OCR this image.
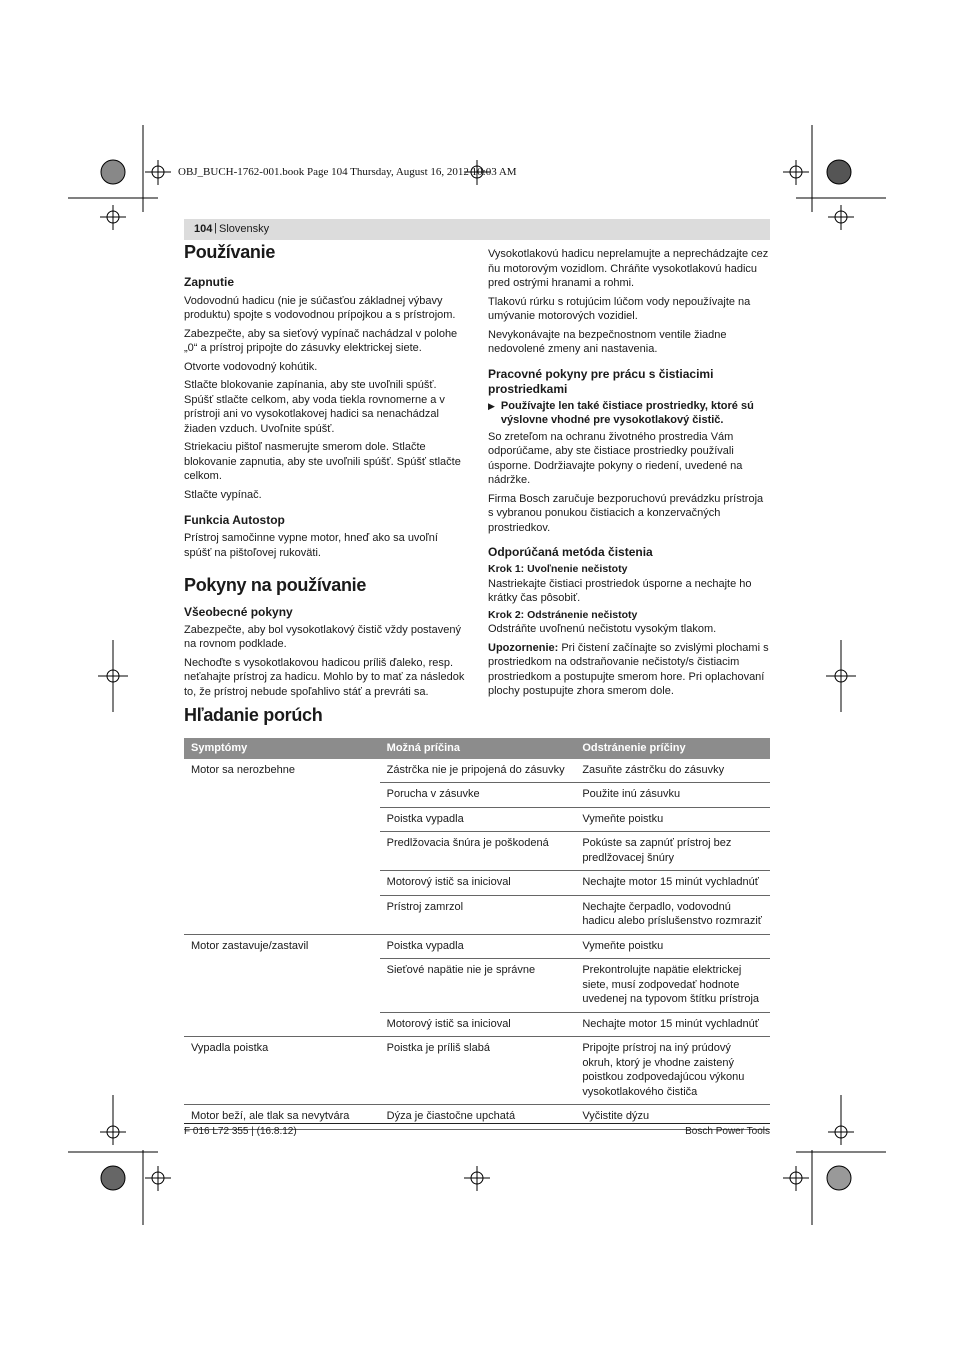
OBJ_BUCH-1762-001.book Page 104 Thursday, August 16, 2012 10:03 AM
104 | Slovensky
Používanie
Zapnutie

Vodovodnú hadicu (nie je súčasťou základnej výbavy produktu) spojte s vodovodnou prípojkou a s prístrojom.

Zabezpečte, aby sa sieťový vypínač nachádzal v polohe „0“ a prístroj pripojte do zásuvky elektrickej siete.

Otvorte vodovodný kohútik.

Stlačte blokovanie zapínania, aby ste uvoľnili spúšť. Spúšť stlačte celkom, aby voda tiekla rovnomerne a v prístroji ani vo vysokotlakovej hadici sa nenachádzal žiaden vzduch. Uvoľnite spúšť.

Striekaciu pištoľ nasmerujte smerom dole. Stlačte blokovanie zapnutia, aby ste uvoľnili spúšť. Spúšť stlačte celkom.

Stlačte vypínač.

Funkcia Autostop

Prístroj samočinne vypne motor, hneď ako sa uvoľní spúšť na pištoľovej rukoväti.

Pokyny na používanie
Všeobecné pokyny

Zabezpečte, aby bol vysokotlakový čistič vždy postavený na rovnom podklade.

Nechoďte s vysokotlakovou hadicou príliš ďaleko, resp. neťahajte prístroj za hadicu. Mohlo by to mať za následok to, že prístroj nebude spoľahlivo stáť a prevráti sa.

Vysokotlakovú hadicu neprelamujte a neprechádzajte cez ňu motorovým vozidlom. Chráňte vysokotlakovú hadicu pred ostrými hranami a rohmi.

Tlakovú rúrku s rotujúcim lúčom vody nepoužívajte na umývanie motorových vozidiel.

Nevykonávajte na bezpečnostnom ventile žiadne nedovolené zmeny ani nastavenia.

Pracovné pokyny pre prácu s čistiacimi prostriedkami
▶ Používajte len také čistiace prostriedky, ktoré sú výslovne vhodné pre vysokotlakový čistič.

So zreteľom na ochranu životného prostredia Vám odporúčame, aby ste čistiace prostriedky používali úsporne. Dodržiavajte pokyny o riedení, uvedené na nádržke.

Firma Bosch zaručuje bezporuchovú prevádzku prístroja s vybranou ponukou čistiacich a konzervačných prostriedkov.

Odporúčaná metóda čistenia
Krok 1: Uvoľnenie nečistoty

Nastriekajte čistiaci prostriedok úsporne a nechajte ho krátky čas pôsobiť.

Krok 2: Odstránenie nečistoty

Odstráňte uvoľnenú nečistotu vysokým tlakom.

Upozornenie: Pri čistení začínajte so zvislými plochami s prostriedkom na odstraňovanie nečistoty/s čistiacim prostriedkom a postupujte smerom hore. Pri oplachovaní plochy postupujte zhora smerom dole.

Hľadanie porúch
Symptómy	Možná príčina	Odstránenie príčiny
Motor sa nerozbehne	Zástrčka nie je pripojená do zásuvky	Zasuňte zástrčku do zásuvky
	Porucha v zásuvke	Použite inú zásuvku
	Poistka vypadla	Vymeňte poistku
	Predlžovacia šnúra je poškodená	Pokúste sa zapnúť prístroj bez predlžovacej šnúry
	Motorový istič sa inicioval	Nechajte motor 15 minút vychladnúť
	Prístroj zamrzol	Nechajte čerpadlo, vodovodnú hadicu alebo príslušenstvo rozmraziť
Motor zastavuje/zastavil	Poistka vypadla	Vymeňte poistku
	Sieťové napätie nie je správne	Prekontrolujte napätie elektrickej siete, musí zodpovedať hodnote uvedenej na typovom štítku prístroja
	Motorový istič sa inicioval	Nechajte motor 15 minút vychladnúť
Vypadla poistka	Poistka je príliš slabá	Pripojte prístroj na iný prúdový okruh, ktorý je vhodne zaistený poistkou zodpovedajúcou výkonu vysokotlakového čističa
Motor beží, ale tlak sa nevytvára	Dýza je čiastočne upchatá	Vyčistite dýzu
F 016 L72 355 | (16.8.12)	Bosch Power Tools
